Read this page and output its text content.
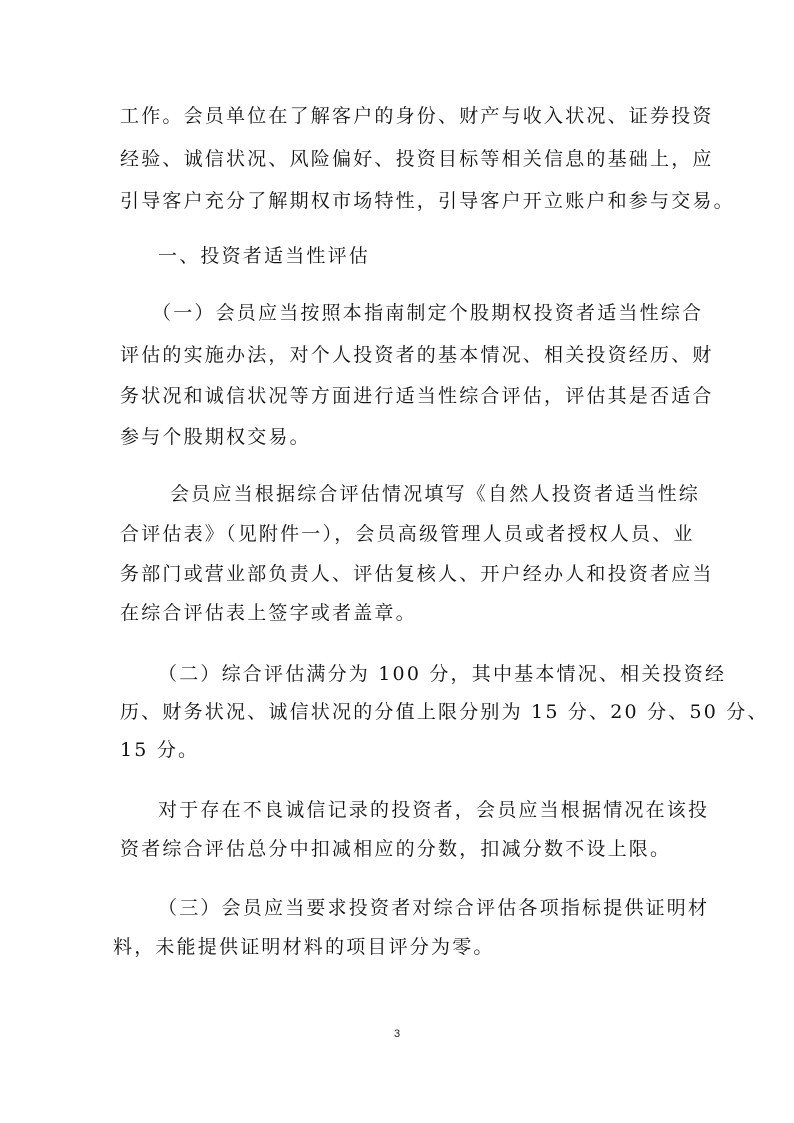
工作。会员单位在了解客户的身份、财产与收入状况、证券投资
经验、诚信状况、风险偏好、投资目标等相关信息的基础上，应
引导客户充分了解期权市场特性，引导客户开立账户和参与交易。
一、投资者适当性评估
（一）会员应当按照本指南制定个股期权投资者适当性综合
评估的实施办法，对个人投资者的基本情况、相关投资经历、财
务状况和诚信状况等方面进行适当性综合评估，评估其是否适合
参与个股期权交易。
会员应当根据综合评估情况填写《自然人投资者适当性综
合评估表》（见附件一），会员高级管理人员或者授权人员、业
务部门或营业部负责人、评估复核人、开户经办人和投资者应当
在综合评估表上签字或者盖章。
（二）综合评估满分为 100 分，其中基本情况、相关投资经
历、财务状况、诚信状况的分值上限分别为 15 分、20 分、50 分、
15 分。
对于存在不良诚信记录的投资者，会员应当根据情况在该投
资者综合评估总分中扣减相应的分数，扣减分数不设上限。
（三）会员应当要求投资者对综合评估各项指标提供证明材
料，未能提供证明材料的项目评分为零。
3
